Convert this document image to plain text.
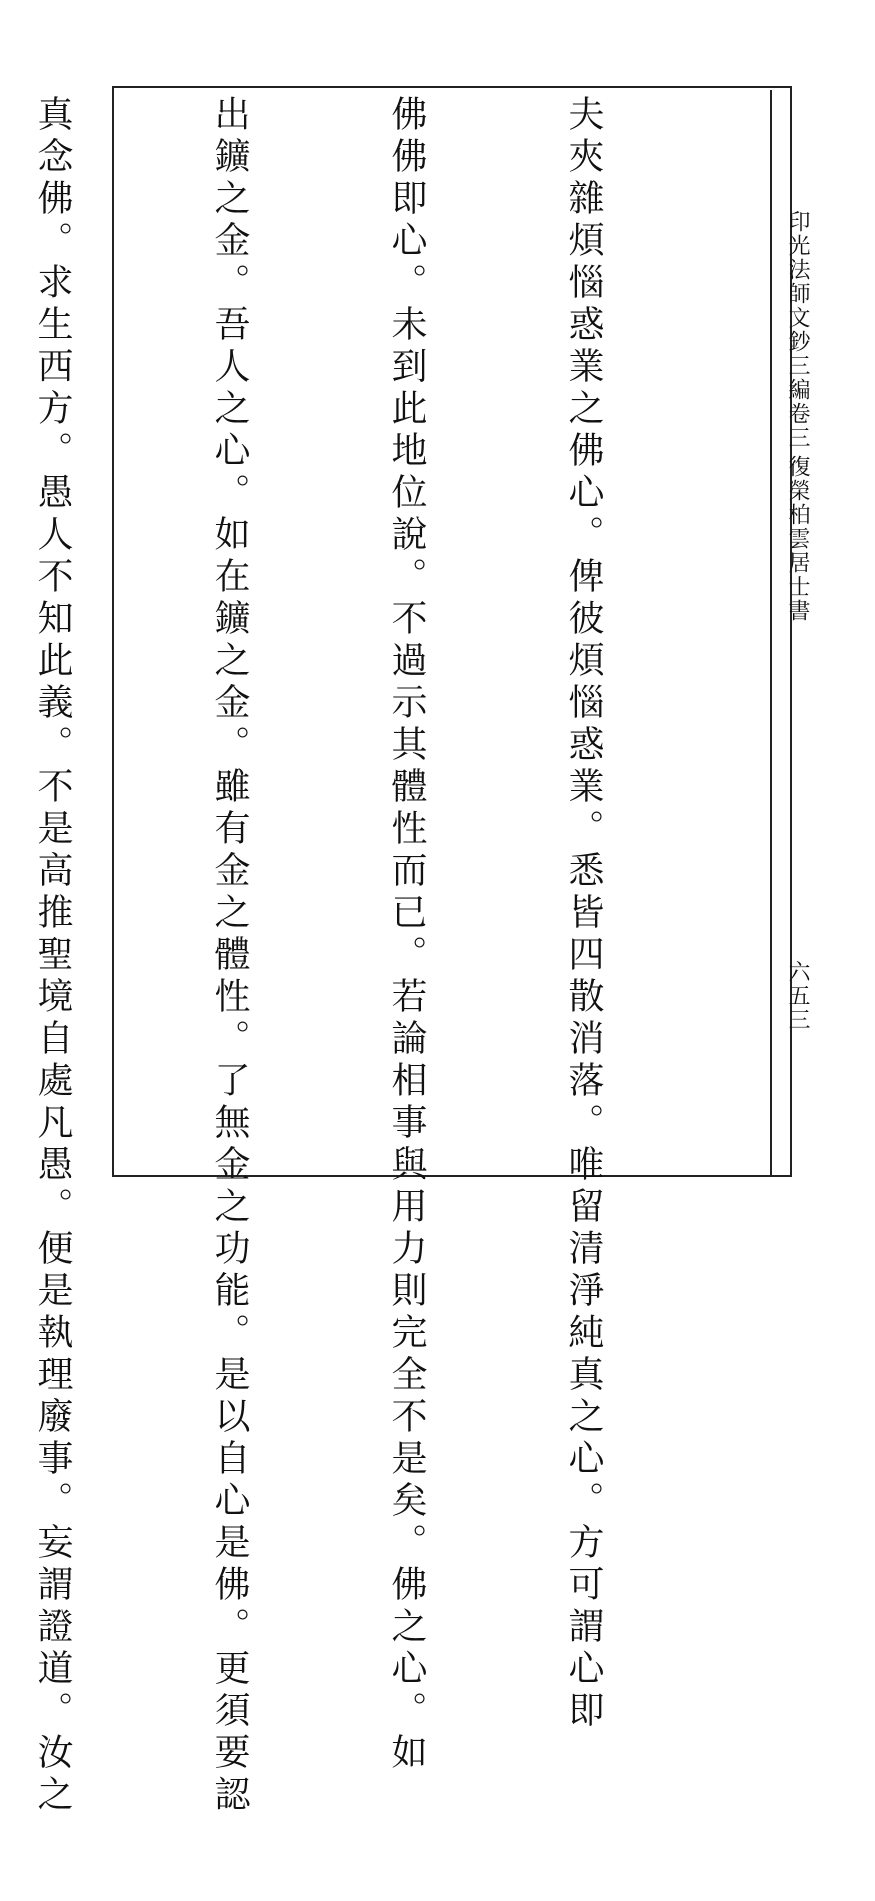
印光法師文鈔三編卷三
復榮柏雲居士書
六五三

夫夾雜煩惱惑業之佛心。俾彼煩惱惑業。悉皆四散消落。唯留清淨純真之心。方可謂心即

佛佛即心。未到此地位說。不過示其體性而已。若論相事與用力則完全不是矣。佛之心。如

出鑛之金。吾人之心。如在鑛之金。雖有金之體性。了無金之功能。是以自心是佛。更須要認

真念佛。求生西方。愚人不知此義。不是高推聖境自處凡愚。便是執理廢事。妄謂證道。汝之
